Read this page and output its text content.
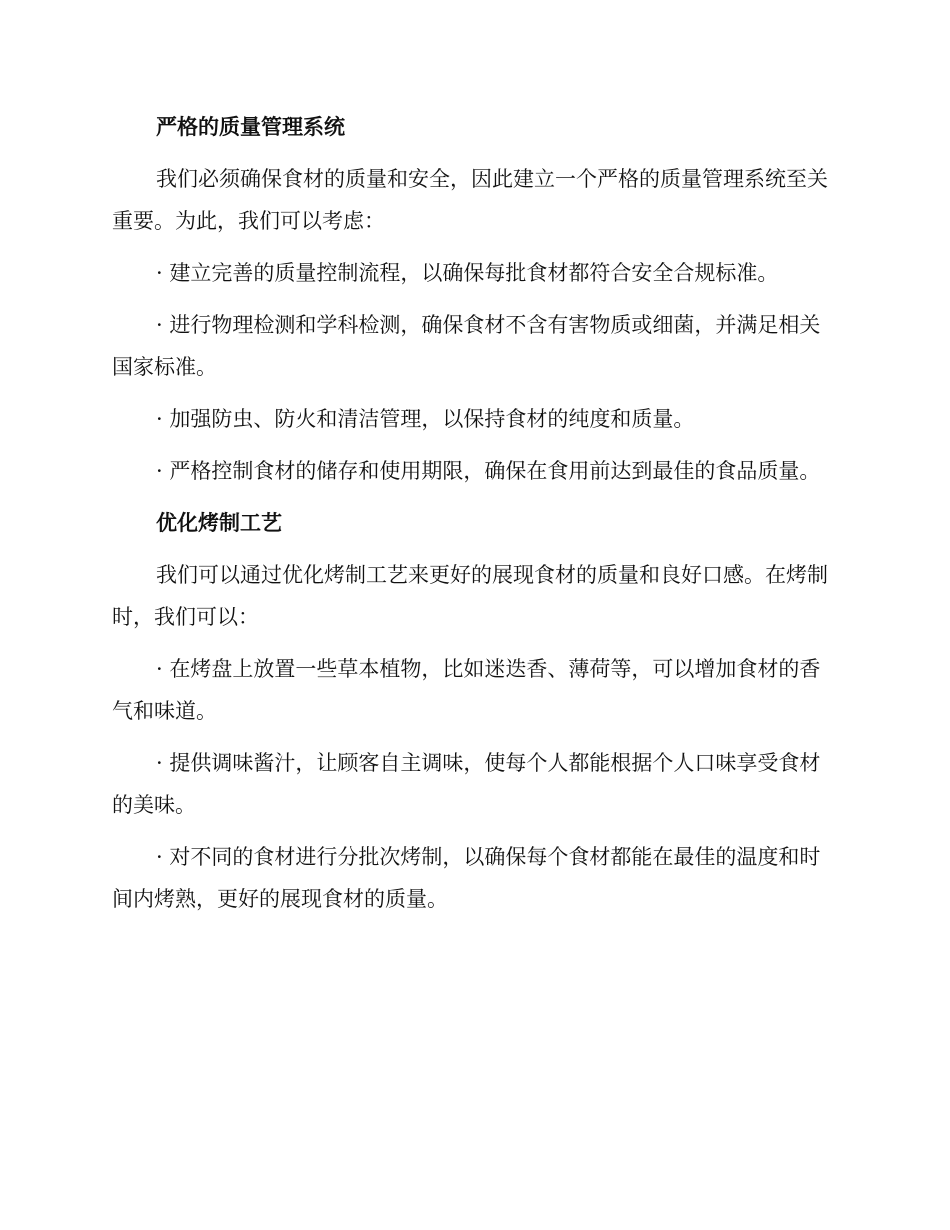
严格的质量管理系统

我们必须确保食材的质量和安全，因此建立一个严格的质量管理系统至关重要。为此，我们可以考虑：

· 建立完善的质量控制流程，以确保每批食材都符合安全合规标准。

· 进行物理检测和学科检测，确保食材不含有害物质或细菌，并满足相关国家标准。

· 加强防虫、防火和清洁管理，以保持食材的纯度和质量。

· 严格控制食材的储存和使用期限，确保在食用前达到最佳的食品质量。

优化烤制工艺

我们可以通过优化烤制工艺来更好的展现食材的质量和良好口感。在烤制时，我们可以：

· 在烤盘上放置一些草本植物，比如迷迭香、薄荷等，可以增加食材的香气和味道。

· 提供调味酱汁，让顾客自主调味，使每个人都能根据个人口味享受食材的美味。

· 对不同的食材进行分批次烤制，以确保每个食材都能在最佳的温度和时间内烤熟，更好的展现食材的质量。
